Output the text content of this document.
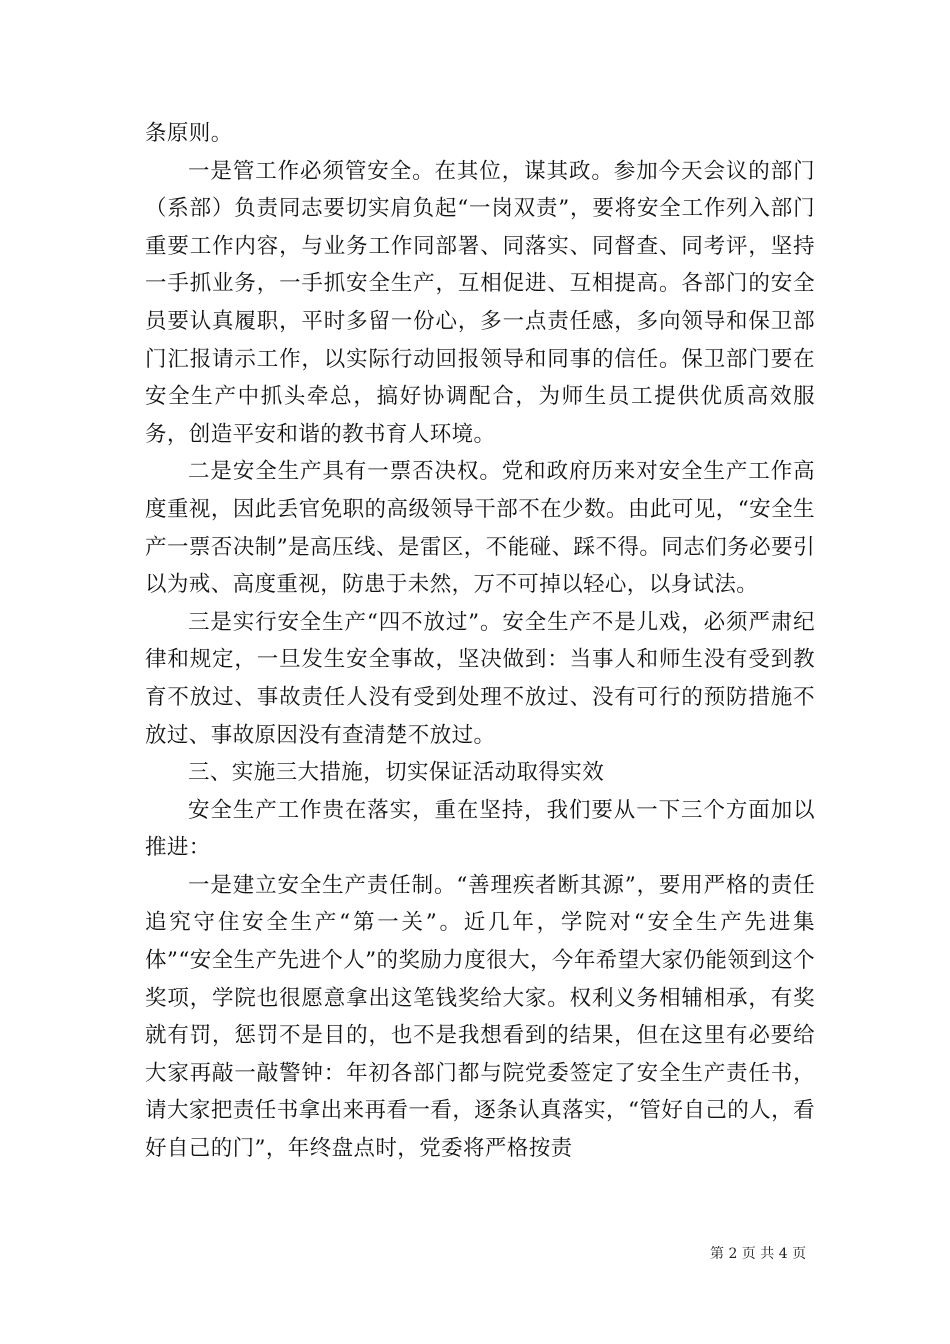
条原则。

一是管工作必须管安全。在其位，谋其政。参加今天会议的部门（系部）负责同志要切实肩负起“一岗双责”，要将安全工作列入部门重要工作内容，与业务工作同部署、同落实、同督查、同考评，坚持一手抓业务，一手抓安全生产，互相促进、互相提高。各部门的安全员要认真履职，平时多留一份心，多一点责任感，多向领导和保卫部门汇报请示工作，以实际行动回报领导和同事的信任。保卫部门要在安全生产中抓头牵总，搞好协调配合，为师生员工提供优质高效服务，创造平安和谐的教书育人环境。

二是安全生产具有一票否决权。党和政府历来对安全生产工作高度重视，因此丢官免职的高级领导干部不在少数。由此可见，“安全生产一票否决制”是高压线、是雷区，不能碰、踩不得。同志们务必要引以为戒、高度重视，防患于未然，万不可掉以轻心，以身试法。

三是实行安全生产“四不放过”。安全生产不是儿戏，必须严肃纪律和规定，一旦发生安全事故，坚决做到：当事人和师生没有受到教育不放过、事故责任人没有受到处理不放过、没有可行的预防措施不放过、事故原因没有查清楚不放过。

三、实施三大措施，切实保证活动取得实效

安全生产工作贵在落实，重在坚持，我们要从一下三个方面加以推进：

一是建立安全生产责任制。“善理疾者断其源”，要用严格的责任追究守住安全生产“第一关”。近几年，学院对“安全生产先进集体”“安全生产先进个人”的奖励力度很大，今年希望大家仍能领到这个奖项，学院也很愿意拿出这笔钱奖给大家。权利义务相辅相承，有奖就有罚，惩罚不是目的，也不是我想看到的结果，但在这里有必要给大家再敲一敲警钟：年初各部门都与院党委签定了安全生产责任书，请大家把责任书拿出来再看一看，逐条认真落实，“管好自己的人，看好自己的门”，年终盘点时，党委将严格按责

第 2 页 共 4 页
